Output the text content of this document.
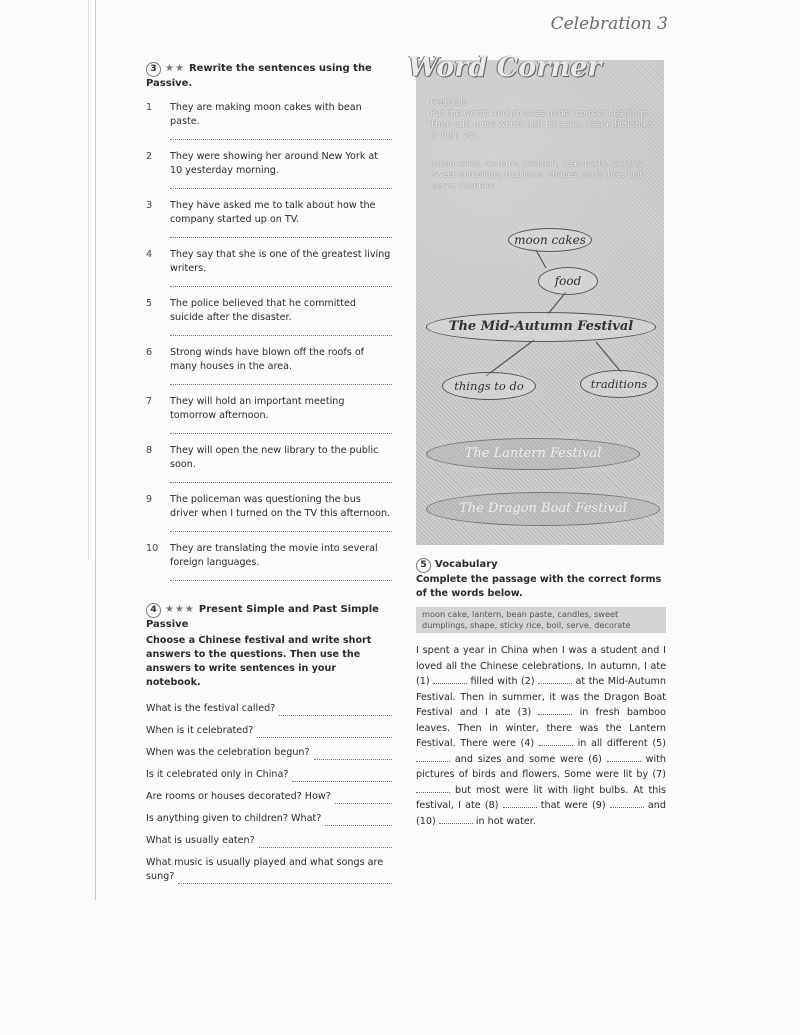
Celebration 3
3 ★★ Rewrite the sentences using the Passive.
1	They are making moon cakes with bean paste.
2	They were showing her around New York at 10 yesterday morning.
3	They have asked me to talk about how the company started up on TV.
4	They say that she is one of the greatest living writers.
5	The police believed that he committed suicide after the disaster.
6	Strong winds have blown off the roofs of many houses in the area.
7	They will hold an important meeting tomorrow afternoon.
8	They will open the new library to the public soon.
9	The policeman was questioning the bus driver when I turned on the TV this afternoon.
10	They are translating the movie into several foreign languages.
4 ★★★ Present Simple and Past Simple Passive
Choose a Chinese festival and write short answers to the questions. Then use the answers to write sentences in your notebook.
What is the festival called?
When is it celebrated?
When was the celebration begun?
Is it celebrated only in China?
Are rooms or houses decorated? How?
Is anything given to children? What?
What is usually eaten?
What music is usually played and what songs are
sung?
Word Corner
Festivals
Put the words and phrases under correct headings. Then add more words and phrases. Use a dictionary to help you.
moon cakes, lanterns, tradition, bean paste, candles, sweet dumplings, traditions, shapes, sticky rice, boil, serve, decorate
moon cakes
food
The Mid-Autumn Festival
things to do	traditions
The Lantern Festival
The Dragon Boat Festival
5 Vocabulary
Complete the passage with the correct forms of the words below.
moon cake, lantern, bean paste, candles, sweet dumplings, shape, sticky rice, boil, serve, decorate
I spent a year in China when I was a student and I loved all the Chinese celebrations. In autumn, I ate (1)	filled with (2)	at the Mid-Autumn Festival. Then in summer, it was the Dragon Boat Festival and I ate (3)	in fresh bamboo leaves. Then in winter, there was the Lantern Festival. There were (4)	in all different (5)  and sizes and some were (6)	with pictures of birds and flowers. Some were lit by (7)  but most were lit with light bulbs. At this festival, I ate (8)	that were (9)	and (10)	in hot water.
